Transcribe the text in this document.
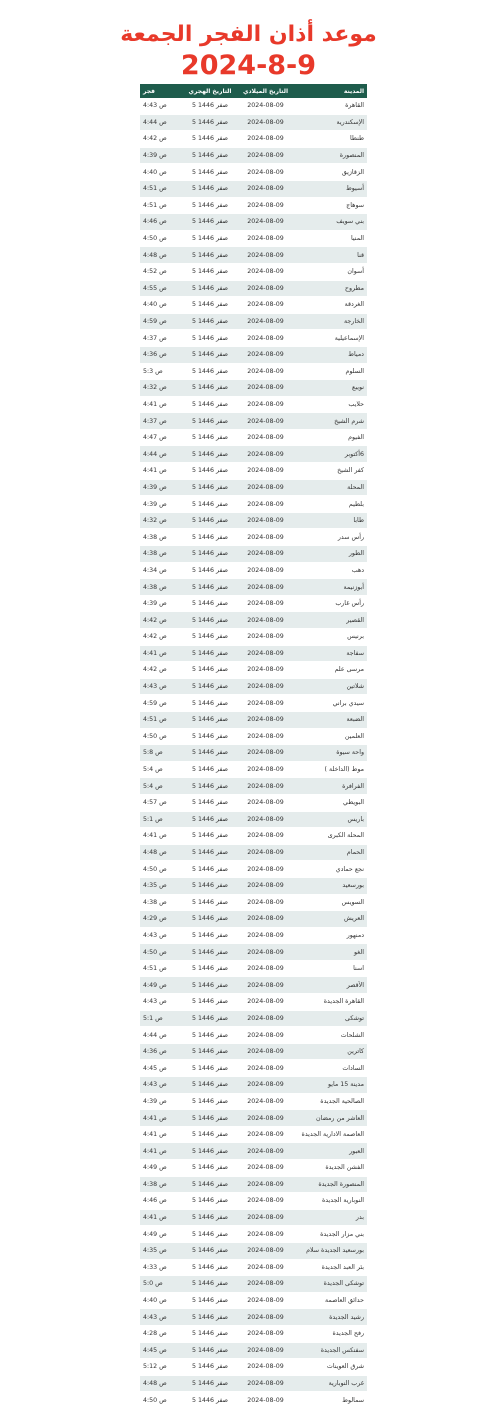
موعد أذان الفجر الجمعة
2024-8-9
فجر	التاريخ الهجري	التاريخ الميلادي	المدينة
4:43 ص	5 صفر 1446	2024-08-09	القاهرة
4:44 ص	5 صفر 1446	2024-08-09	الإسكندرية
4:42 ص	5 صفر 1446	2024-08-09	طنطا
4:39 ص	5 صفر 1446	2024-08-09	المنصورة
4:40 ص	5 صفر 1446	2024-08-09	الزقازيق
4:51 ص	5 صفر 1446	2024-08-09	أسيوط
4:51 ص	5 صفر 1446	2024-08-09	سوهاج
4:46 ص	5 صفر 1446	2024-08-09	بني سويف
4:50 ص	5 صفر 1446	2024-08-09	المنيا
4:48 ص	5 صفر 1446	2024-08-09	قنا
4:52 ص	5 صفر 1446	2024-08-09	أسوان
4:55 ص	5 صفر 1446	2024-08-09	مطروح
4:40 ص	5 صفر 1446	2024-08-09	الغردقة
4:59 ص	5 صفر 1446	2024-08-09	الخارجة
4:37 ص	5 صفر 1446	2024-08-09	الإسماعيلية
4:36 ص	5 صفر 1446	2024-08-09	دمياط
5:3 ص	5 صفر 1446	2024-08-09	السلوم
4:32 ص	5 صفر 1446	2024-08-09	نويبع
4:41 ص	5 صفر 1446	2024-08-09	حلايب
4:37 ص	5 صفر 1446	2024-08-09	شرم الشيخ
4:47 ص	5 صفر 1446	2024-08-09	الفيوم
4:44 ص	5 صفر 1446	2024-08-09	6أكتوبر
4:41 ص	5 صفر 1446	2024-08-09	كفر الشيخ
4:39 ص	5 صفر 1446	2024-08-09	المحلة
4:39 ص	5 صفر 1446	2024-08-09	بلطيم
4:32 ص	5 صفر 1446	2024-08-09	طابا
4:38 ص	5 صفر 1446	2024-08-09	رأس سدر
4:38 ص	5 صفر 1446	2024-08-09	الطور
4:34 ص	5 صفر 1446	2024-08-09	دهب
4:38 ص	5 صفر 1446	2024-08-09	أبوزنيمة
4:39 ص	5 صفر 1446	2024-08-09	رأس غارب
4:42 ص	5 صفر 1446	2024-08-09	القصير
4:42 ص	5 صفر 1446	2024-08-09	برنيس
4:41 ص	5 صفر 1446	2024-08-09	سفاجة
4:42 ص	5 صفر 1446	2024-08-09	مرسى علم
4:43 ص	5 صفر 1446	2024-08-09	شلاتين
4:59 ص	5 صفر 1446	2024-08-09	سيدي براني
4:51 ص	5 صفر 1446	2024-08-09	الضبعة
4:50 ص	5 صفر 1446	2024-08-09	العلمين
5:8 ص	5 صفر 1446	2024-08-09	واحة سيوة
5:4 ص	5 صفر 1446	2024-08-09	موط (الداخلة )
5:4 ص	5 صفر 1446	2024-08-09	الفرافرة
4:57 ص	5 صفر 1446	2024-08-09	البويطي
5:1 ص	5 صفر 1446	2024-08-09	باريس
4:41 ص	5 صفر 1446	2024-08-09	المحلة الكبرى
4:48 ص	5 صفر 1446	2024-08-09	الحمام
4:50 ص	5 صفر 1446	2024-08-09	نجع حمادي
4:35 ص	5 صفر 1446	2024-08-09	بورسعيد
4:38 ص	5 صفر 1446	2024-08-09	السويس
4:29 ص	5 صفر 1446	2024-08-09	العريش
4:43 ص	5 صفر 1446	2024-08-09	دمنهور
4:50 ص	5 صفر 1446	2024-08-09	الغو
4:51 ص	5 صفر 1446	2024-08-09	اسنا
4:49 ص	5 صفر 1446	2024-08-09	الأقصر
4:43 ص	5 صفر 1446	2024-08-09	القاهرة الجديدة
5:1 ص	5 صفر 1446	2024-08-09	توشكى
4:44 ص	5 صفر 1446	2024-08-09	الشلحات
4:36 ص	5 صفر 1446	2024-08-09	كاترين
4:45 ص	5 صفر 1446	2024-08-09	السادات
4:43 ص	5 صفر 1446	2024-08-09	مدينة 15 مايو
4:39 ص	5 صفر 1446	2024-08-09	الصالحية الجديدة
4:41 ص	5 صفر 1446	2024-08-09	العاشر من رمضان
4:41 ص	5 صفر 1446	2024-08-09	العاصمة الادارية الجديدة
4:41 ص	5 صفر 1446	2024-08-09	العبور
4:49 ص	5 صفر 1446	2024-08-09	الفشن الجديدة
4:38 ص	5 صفر 1446	2024-08-09	المنصورة الجديدة
4:46 ص	5 صفر 1446	2024-08-09	النوبارية الجديدة
4:41 ص	5 صفر 1446	2024-08-09	بدر
4:49 ص	5 صفر 1446	2024-08-09	بني مزار الجديدة
4:35 ص	5 صفر 1446	2024-08-09	بورسعيد الجديدة سلام
4:33 ص	5 صفر 1446	2024-08-09	بئر العبد الجديدة
5:0 ص	5 صفر 1446	2024-08-09	توشكى الجديدة
4:40 ص	5 صفر 1446	2024-08-09	حدائق العاصمة
4:43 ص	5 صفر 1446	2024-08-09	رشيد الجديدة
4:28 ص	5 صفر 1446	2024-08-09	رفح الجديدة
4:45 ص	5 صفر 1446	2024-08-09	سفنكس الجديدة
5:12 ص	5 صفر 1446	2024-08-09	شرق العوينات
4:48 ص	5 صفر 1446	2024-08-09	غرب النوبارية
4:50 ص	5 صفر 1446	2024-08-09	سمالوط
